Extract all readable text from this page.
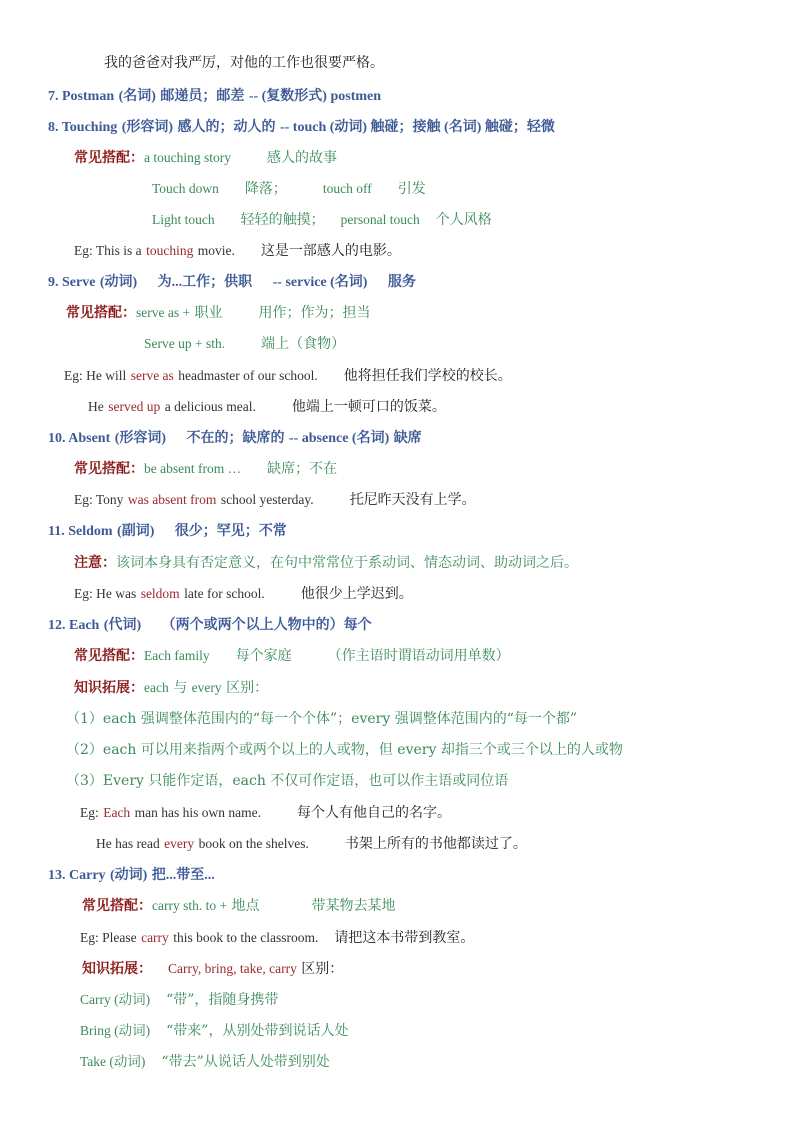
我的爸爸对我严厉，对他的工作也很要严格。
7. Postman (名词) 邮递员；邮差 -- (复数形式) postmen
8. Touching (形容词) 感人的；动人的 -- touch (动词) 触碰；接触 (名词) 触碰；轻微
常见搭配：a touching story	感人的故事
Touch down 降落；	touch off 引发
Light touch 轻轻的触摸； personal touch 个人风格
Eg: This is a touching movie. 这是一部感人的电影。
9. Serve (动词) 为...工作；供职 -- service (名词) 服务
常见搭配：serve as + 职业	用作；作为；担当
Serve up + sth.	端上（食物）
Eg: He will serve as headmaster of our school. 他将担任我们学校的校长。
He served up a delicious meal.	他端上一顿可口的饭菜。
10. Absent (形容词) 不在的；缺席的 -- absence (名词) 缺席
常见搭配：be absent from … 缺席；不在
Eg: Tony was absent from school yesterday.	托尼昨天没有上学。
11. Seldom (副词) 很少；罕见；不常
注意：该词本身具有否定意义，在句中常常位于系动词、情态动词、助动词之后。
Eg: He was seldom late for school.	他很少上学迟到。
12. Each (代词) （两个或两个以上人物中的）每个
常见搭配：Each family 每个家庭	（作主语时谓语动词用单数）
知识拓展：each 与 every 区别：
（1）each 强调整体范围内的“每一个个体”；every 强调整体范围内的“每一个都”
（2）each 可以用来指两个或两个以上的人或物，但 every 却指三个或三个以上的人或物
（3）Every 只能作定语，each 不仅可作定语，也可以作主语或同位语
Eg: Each man has his own name.	每个人有他自己的名字。
He has read every book on the shelves.	书架上所有的书他都读过了。
13. Carry (动词) 把...带至...
常见搭配：carry sth. to + 地点	带某物去某地
Eg: Please carry this book to the classroom. 请把这本书带到教室。
知识拓展： Carry, bring, take, carry 区别：
Carry (动词) “带”，指随身携带
Bring (动词) “带来”，从别处带到说话人处
Take (动词) “带去”从说话人处带到别处
